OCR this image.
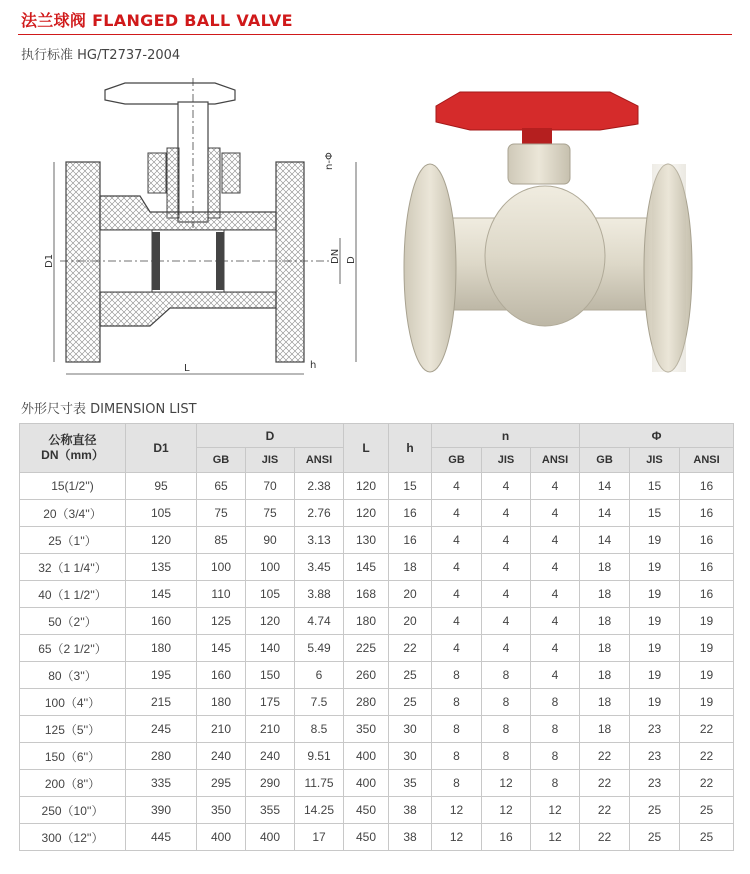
法兰球阀 FLANGED BALL VALVE
执行标准 HG/T2737-2004
n-Φ
DN D
D1
L	h
外形尺寸表 DIMENSION LIST
公称直径
DN（mm）	D1	D			L	h	n			Φ		
		GB	JIS	ANSI			GB	JIS	ANSI	GB	JIS	ANSI
15(1/2'')	95	65	70	2.38	120	15	4	4	4	14	15	16
20（3/4''）	105	75	75	2.76	120	16	4	4	4	14	15	16
25（1''）	120	85	90	3.13	130	16	4	4	4	14	19	16
32（1 1/4''）	135	100	100	3.45	145	18	4	4	4	18	19	16
40（1 1/2''）	145	110	105	3.88	168	20	4	4	4	18	19	16
50（2''）	160	125	120	4.74	180	20	4	4	4	18	19	19
65（2 1/2''）	180	145	140	5.49	225	22	4	4	4	18	19	19
80（3''）	195	160	150	6	260	25	8	8	4	18	19	19
100（4''）	215	180	175	7.5	280	25	8	8	8	18	19	19
125（5''）	245	210	210	8.5	350	30	8	8	8	18	23	22
150（6''）	280	240	240	9.51	400	30	8	8	8	22	23	22
200（8''）	335	295	290	11.75	400	35	8	12	8	22	23	22
250（10''）	390	350	355	14.25	450	38	12	12	12	22	25	25
300（12''）	445	400	400	17	450	38	12	16	12	22	25	25
